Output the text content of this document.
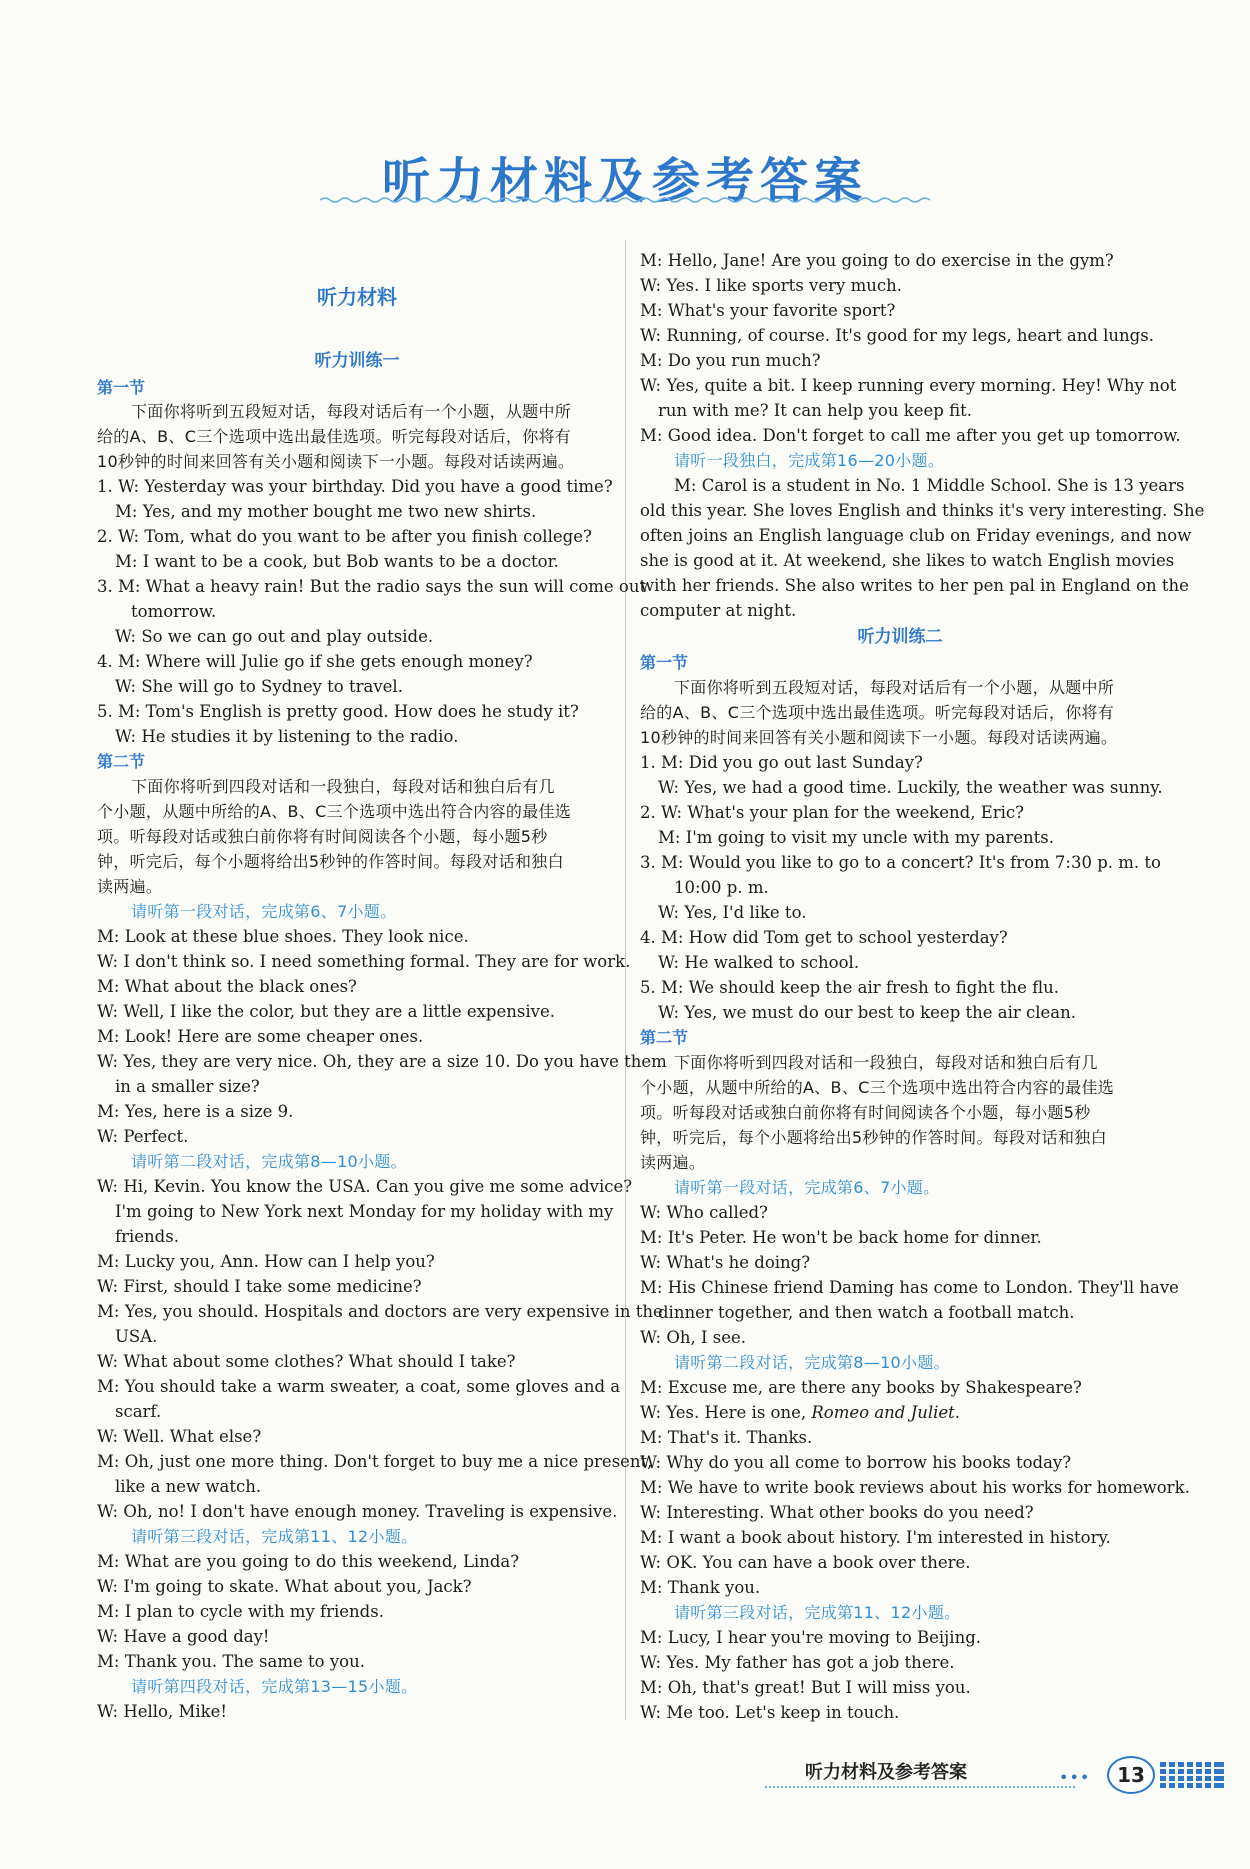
听力材料及参考答案
听力材料
听力训练一
第一节
下面你将听到五段短对话，每段对话后有一个小题，从题中所
给的A、B、C三个选项中选出最佳选项。听完每段对话后，你将有
10秒钟的时间来回答有关小题和阅读下一小题。每段对话读两遍。
1. W: Yesterday was your birthday. Did you have a good time?
M: Yes, and my mother bought me two new shirts.
2. W: Tom, what do you want to be after you finish college?
M: I want to be a cook, but Bob wants to be a doctor.
3. M: What a heavy rain! But the radio says the sun will come out
tomorrow.
W: So we can go out and play outside.
4. M: Where will Julie go if she gets enough money?
W: She will go to Sydney to travel.
5. M: Tom's English is pretty good. How does he study it?
W: He studies it by listening to the radio.
第二节
下面你将听到四段对话和一段独白，每段对话和独白后有几
个小题，从题中所给的A、B、C三个选项中选出符合内容的最佳选
项。听每段对话或独白前你将有时间阅读各个小题，每小题5秒
钟，听完后，每个小题将给出5秒钟的作答时间。每段对话和独白
读两遍。
请听第一段对话，完成第6、7小题。
M: Look at these blue shoes. They look nice.
W: I don't think so. I need something formal. They are for work.
M: What about the black ones?
W: Well, I like the color, but they are a little expensive.
M: Look! Here are some cheaper ones.
W: Yes, they are very nice. Oh, they are a size 10. Do you have them
in a smaller size?
M: Yes, here is a size 9.
W: Perfect.
请听第二段对话，完成第8—10小题。
W: Hi, Kevin. You know the USA. Can you give me some advice?
I'm going to New York next Monday for my holiday with my
friends.
M: Lucky you, Ann. How can I help you?
W: First, should I take some medicine?
M: Yes, you should. Hospitals and doctors are very expensive in the
USA.
W: What about some clothes? What should I take?
M: You should take a warm sweater, a coat, some gloves and a
scarf.
W: Well. What else?
M: Oh, just one more thing. Don't forget to buy me a nice present,
like a new watch.
W: Oh, no! I don't have enough money. Traveling is expensive.
请听第三段对话，完成第11、12小题。
M: What are you going to do this weekend, Linda?
W: I'm going to skate. What about you, Jack?
M: I plan to cycle with my friends.
W: Have a good day!
M: Thank you. The same to you.
请听第四段对话，完成第13—15小题。
W: Hello, Mike!
M: Hello, Jane! Are you going to do exercise in the gym?
W: Yes. I like sports very much.
M: What's your favorite sport?
W: Running, of course. It's good for my legs, heart and lungs.
M: Do you run much?
W: Yes, quite a bit. I keep running every morning. Hey! Why not
run with me? It can help you keep fit.
M: Good idea. Don't forget to call me after you get up tomorrow.
请听一段独白，完成第16—20小题。
M: Carol is a student in No. 1 Middle School. She is 13 years
old this year. She loves English and thinks it's very interesting. She
often joins an English language club on Friday evenings, and now
she is good at it. At weekend, she likes to watch English movies
with her friends. She also writes to her pen pal in England on the
computer at night.
听力训练二
第一节
下面你将听到五段短对话，每段对话后有一个小题，从题中所
给的A、B、C三个选项中选出最佳选项。听完每段对话后，你将有
10秒钟的时间来回答有关小题和阅读下一小题。每段对话读两遍。
1. M: Did you go out last Sunday?
W: Yes, we had a good time. Luckily, the weather was sunny.
2. W: What's your plan for the weekend, Eric?
M: I'm going to visit my uncle with my parents.
3. M: Would you like to go to a concert? It's from 7:30 p. m. to
10:00 p. m.
W: Yes, I'd like to.
4. M: How did Tom get to school yesterday?
W: He walked to school.
5. M: We should keep the air fresh to fight the flu.
W: Yes, we must do our best to keep the air clean.
第二节
下面你将听到四段对话和一段独白，每段对话和独白后有几
个小题，从题中所给的A、B、C三个选项中选出符合内容的最佳选
项。听每段对话或独白前你将有时间阅读各个小题，每小题5秒
钟，听完后，每个小题将给出5秒钟的作答时间。每段对话和独白
读两遍。
请听第一段对话，完成第6、7小题。
W: Who called?
M: It's Peter. He won't be back home for dinner.
W: What's he doing?
M: His Chinese friend Daming has come to London. They'll have
dinner together, and then watch a football match.
W: Oh, I see.
请听第二段对话，完成第8—10小题。
M: Excuse me, are there any books by Shakespeare?
W: Yes. Here is one, Romeo and Juliet.
M: That's it. Thanks.
W: Why do you all come to borrow his books today?
M: We have to write book reviews about his works for homework.
W: Interesting. What other books do you need?
M: I want a book about history. I'm interested in history.
W: OK. You can have a book over there.
M: Thank you.
请听第三段对话，完成第11、12小题。
M: Lucy, I hear you're moving to Beijing.
W: Yes. My father has got a job there.
M: Oh, that's great! But I will miss you.
W: Me too. Let's keep in touch.
听力材料及参考答案	•••	13
